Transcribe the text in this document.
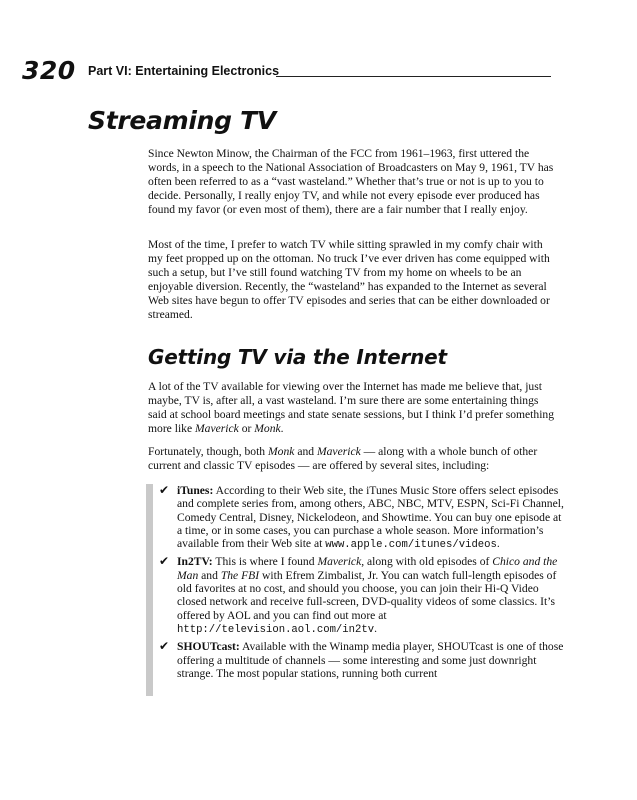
320 Part VI: Entertaining Electronics
Streaming TV

Since Newton Minow, the Chairman of the FCC from 1961–1963, first uttered the words, in a speech to the National Association of Broadcasters on May 9, 1961, TV has often been referred to as a “vast wasteland.” Whether that’s true or not is up to you to decide. Personally, I really enjoy TV, and while not every episode ever produced has found my favor (or even most of them), there are a fair number that I really enjoy.

Most of the time, I prefer to watch TV while sitting sprawled in my comfy chair with my feet propped up on the ottoman. No truck I’ve ever driven has come equipped with such a setup, but I’ve still found watching TV from my home on wheels to be an enjoyable diversion. Recently, the “wasteland” has expanded to the Internet as several Web sites have begun to offer TV episodes and series that can be either downloaded or streamed.

Getting TV via the Internet

A lot of the TV available for viewing over the Internet has made me believe that, just maybe, TV is, after all, a vast wasteland. I’m sure there are some entertaining things said at school board meetings and state senate sessions, but I think I’d prefer something more like Maverick or Monk.

Fortunately, though, both Monk and Maverick — along with a whole bunch of other current and classic TV episodes — are offered by several sites, including:

✔ iTunes: According to their Web site, the iTunes Music Store offers select episodes and complete series from, among others, ABC, NBC, MTV, ESPN, Sci-Fi Channel, Comedy Central, Disney, Nickelodeon, and Showtime. You can buy one episode at a time, or in some cases, you can purchase a whole season. More information’s available from their Web site at www.apple.com/itunes/videos.
✔ In2TV: This is where I found Maverick, along with old episodes of Chico and the Man and The FBI with Efrem Zimbalist, Jr. You can watch full-length episodes of old favorites at no cost, and should you choose, you can join their Hi-Q Video closed network and receive full-screen, DVD-quality videos of some classics. It’s offered by AOL and you can find out more at http://television.aol.com/in2tv.
✔ SHOUTcast: Available with the Winamp media player, SHOUTcast is one of those offering a multitude of channels — some interesting and some just downright strange. The most popular stations, running both current
